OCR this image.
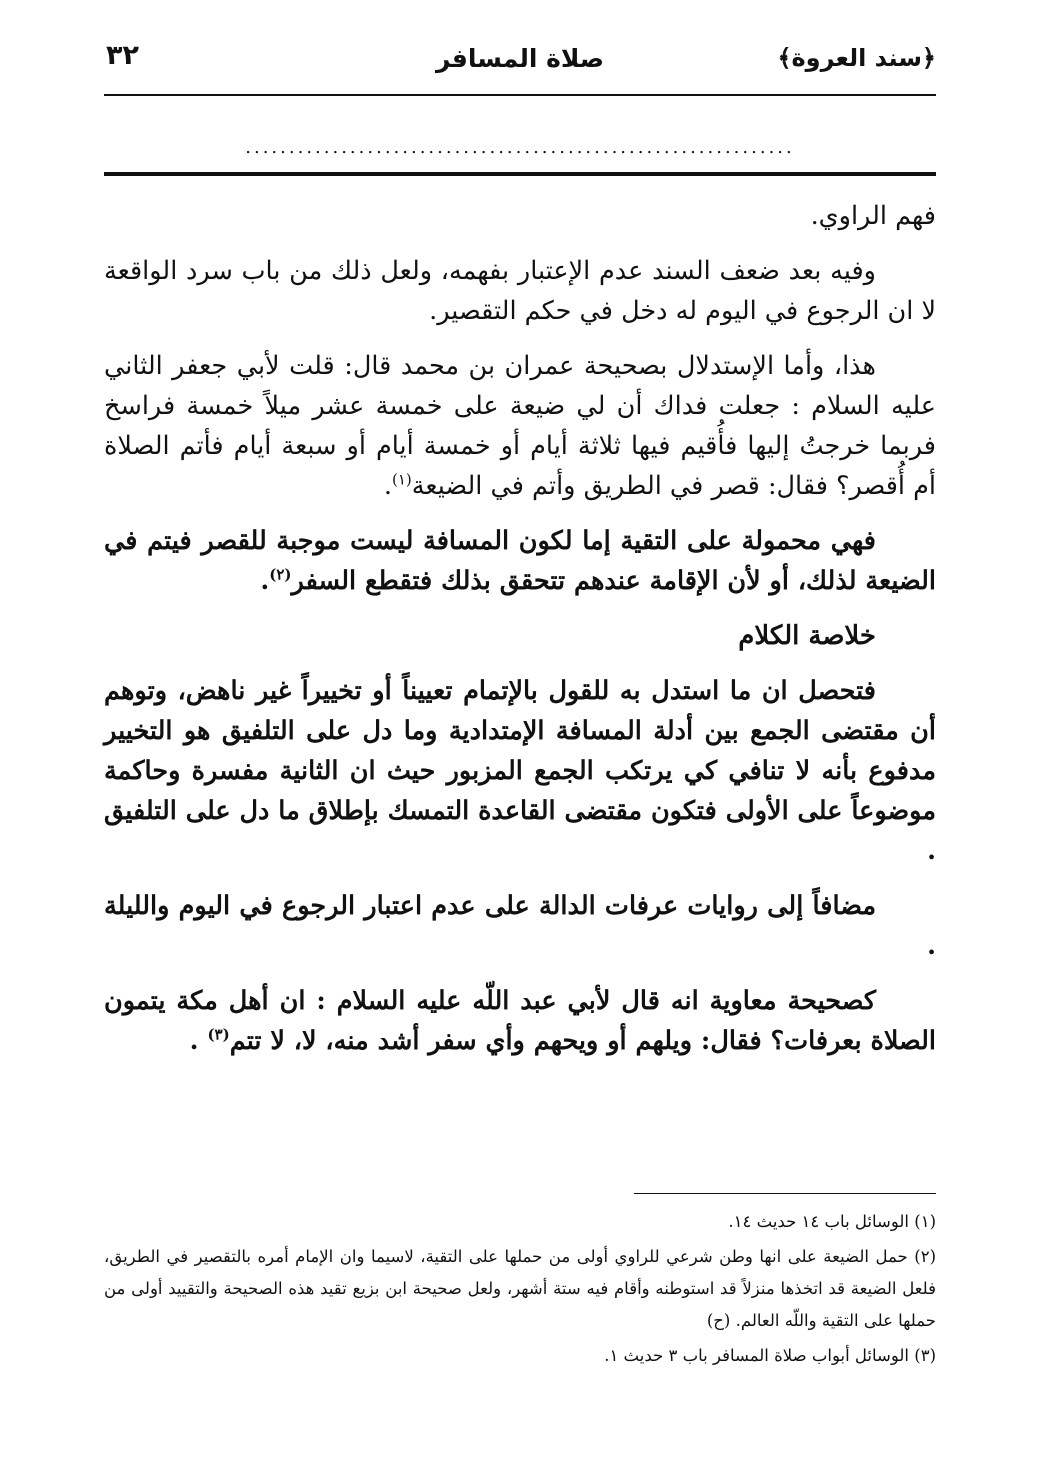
٣٢	صلاة المسافر	﴿سند العروة﴾
...............................................................

فهم الراوي.

وفيه بعد ضعف السند عدم الإعتبار بفهمه، ولعل ذلك من باب سرد الواقعة لا ان الرجوع في اليوم له دخل في حكم التقصير.

هذا، وأما الإستدلال بصحيحة عمران بن محمد قال: قلت لأبي جعفر الثاني عليه السلام : جعلت فداك أن لي ضيعة على خمسة عشر ميلاً خمسة فراسخ فربما خرجتُ إليها فأُقيم فيها ثلاثة أيام أو خمسة أيام أو سبعة أيام فأتم الصلاة أم أُقصر؟ فقال: قصر في الطريق وأتم في الضيعة$^{(١)}$.

فهي محمولة على التقية إما لكون المسافة ليست موجبة للقصر فيتم في الضيعة لذلك، أو لأن الإقامة عندهم تتحقق بذلك فتقطع السفر$^{(٢)}$.

خلاصة الكلام

فتحصل ان ما استدل به للقول بالإتمام تعييناً أو تخييراً غير ناهض، وتوهم أن مقتضى الجمع بين أدلة المسافة الإمتدادية وما دل على التلفيق هو التخيير مدفوع بأنه لا تنافي كي يرتكب الجمع المزبور حيث ان الثانية مفسرة وحاكمة موضوعاً على الأولى فتكون مقتضى القاعدة التمسك بإطلاق ما دل على التلفيق .

مضافاً إلى روايات عرفات الدالة على عدم اعتبار الرجوع في اليوم والليلة .

كصحيحة معاوية انه قال لأبي عبد اللّه عليه السلام : ان أهل مكة يتمون الصلاة بعرفات؟ فقال: ويلهم أو ويحهم وأي سفر أشد منه، لا، لا تتم$^{(٣)}$ .

(١) الوسائل باب ١٤ حديث ١٤.

(٢) حمل الضيعة على انها وطن شرعي للراوي أولى من حملها على التقية، لاسيما وان الإمام أمره بالتقصير في الطريق، فلعل الضيعة قد اتخذها منزلاً قد استوطنه وأقام فيه ستة أشهر، ولعل صحيحة ابن بزيع تقيد هذه الصحيحة والتقييد أولى من حملها على التقية واللّه العالم. (ح)

(٣) الوسائل أبواب صلاة المسافر باب ٣ حديث ١.
